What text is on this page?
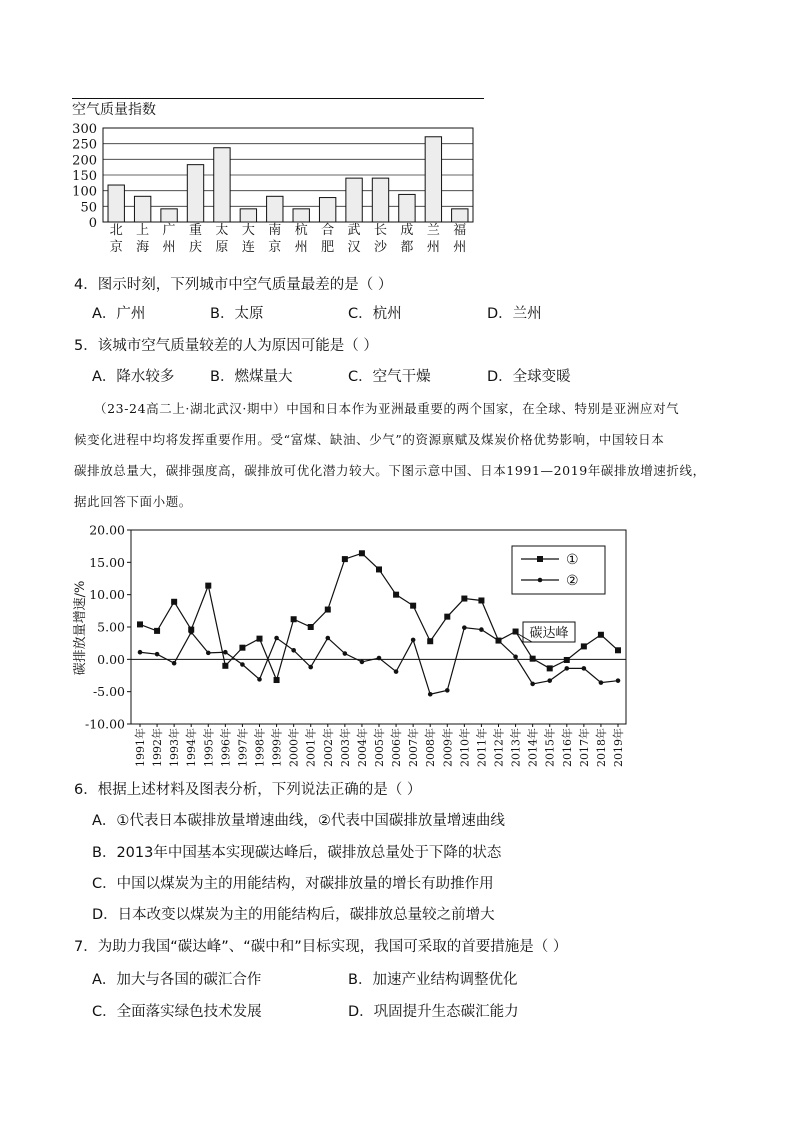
空气质量指数
300
250
200
150
100
50
0 北
京
上
海
广
州
重
庆
太
原
大
连
南
京
杭
州
合
肥
武
汉
长
沙
成
都
兰
州
福
州
4．图示时刻，下列城市中空气质量最差的是（ ）
A．广州	B．太原	C．杭州	D．兰州
5．该城市空气质量较差的人为原因可能是（ ）
A．降水较多 B．燃煤量大	C．空气干燥	D．全球变暖
（23-24高二上·湖北武汉·期中）中国和日本作为亚洲最重要的两个国家，在全球、特别是亚洲应对气
候变化进程中均将发挥重要作用。受“富煤、缺油、少气”的资源禀赋及煤炭价格优势影响，中国较日本
碳排放总量大，碳排强度高，碳排放可优化潜力较大。下图示意中国、日本1991—2019年碳排放增速折线，
据此回答下面小题。
20.00
15.00
10.00
5.00
0.00
-5.00
-10.00
碳排放量增速/%
1991年 1992年 1993年 1994年 1995年 1996年 1997年 1998年 1999年 2000年 2001年 2002年 2003年 2004年 2005年 2006年 2007年 2008年 2009年 2010年 2011年 2012年 2013年 2014年 2015年 2016年 2017年 2018年 2019年
①
②
碳达峰
6．根据上述材料及图表分析，下列说法正确的是（ ）
A．①代表日本碳排放量增速曲线，②代表中国碳排放量增速曲线
B．2013年中国基本实现碳达峰后，碳排放总量处于下降的状态
C．中国以煤炭为主的用能结构，对碳排放量的增长有助推作用
D．日本改变以煤炭为主的用能结构后，碳排放总量较之前增大
7．为助力我国“碳达峰”、“碳中和”目标实现，我国可采取的首要措施是（ ）
A．加大与各国的碳汇合作	B．加速产业结构调整优化
C．全面落实绿色技术发展	D．巩固提升生态碳汇能力
